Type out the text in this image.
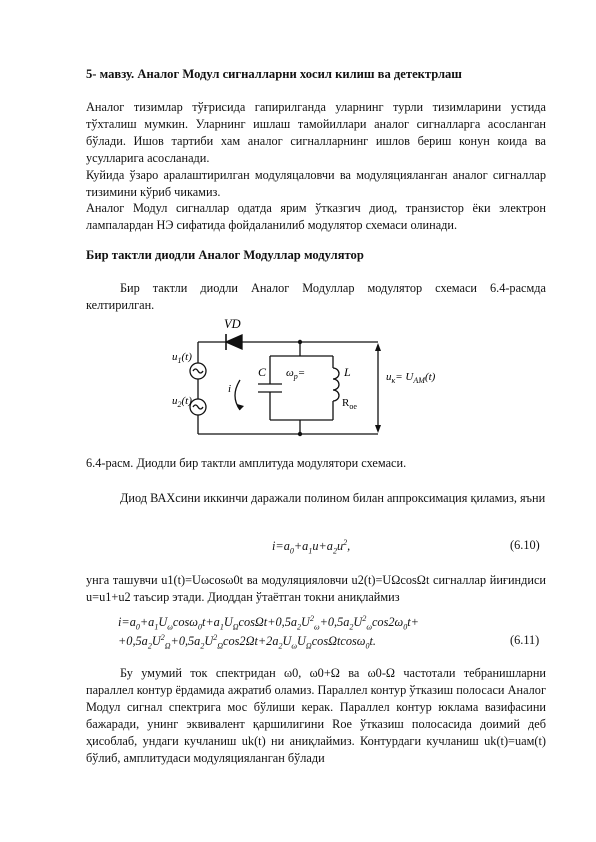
5- мавзу. Аналог Модул сигналларни хосил килиш ва детектрлаш

Аналог тизимлар тўғрисида гапирилганда уларнинг турли тизимларини устида тўхталиш мумкин. Уларнинг ишлаш тамойиллари аналог сигналларга асосланган бўлади. Ишов тартиби хам аналог сигналларнинг ишлов бериш конун коида ва усулларига асосланади.

Куйида ўзаро аралаштирилган модуляцаловчи ва модуляцияланган аналог сигналлар тизимини кўриб чикамиз.

Аналог Модул сигналлар одатда ярим ўтказгич диод, транзистор ёки электрон лампалардан НЭ сифатида фойдаланилиб модулятор схемаси олинади.

Бир тактли диодли Аналог Модуллар модулятор

Бир тактли диодли Аналог Модуллар модулятор схемаси 6.4-расмда келтирилган.

VD
$u_1(t)$
$u_2(t)$
i
C $\omega_p=$	L
$R_{oe}$
$u_к= U_{AM}(t)$

6.4-расм. Диодли бир тактли амплитуда модулятори схемаси.

Диод ВАХсини иккинчи даражали полином билан аппроксимация қиламиз, яъни

$i=a_0+a_1u+a_2u^2$,	(6.10)

унга ташувчи u1(t)=Uωcosω0t ва модуляцияловчи u2(t)=UΩcosΩt сигналлар йиғиндиси u=u1+u2 таъсир этади. Диоддан ўтаётган токни аниқлаймиз

$i=a_0+a_1U_\omega\cos\omega_0t+a_1U_\Omega\cos\Omega t+0,5a_2U^2_\omega+0,5a_2U^2_\omega\cos 2\omega_0t+$

$+0,5a_2U^2_\Omega+0,5a_2U^2_\Omega\cos 2\Omega t+2a_2U_\omega U_\Omega\cos\Omega tcos\omega_0t$.	(6.11)

Бу умумий ток спектридан ω0, ω0+Ω ва ω0-Ω частотали тебранишларни параллел контур ёрдамида ажратиб оламиз. Параллел контур ўтказиш полосаси Аналог Модул сигнал спектрига мос бўлиши керак. Параллел контур юклама вазифасини бажаради, унинг эквивалент қаршилигини Roe ўтказиш полосасида доимий деб ҳисоблаб, ундаги кучланиш uk(t) ни аниқлаймиз. Контурдаги кучланиш uk(t)=uам(t) бўлиб, амплитудаси модуляцияланган бўлади
